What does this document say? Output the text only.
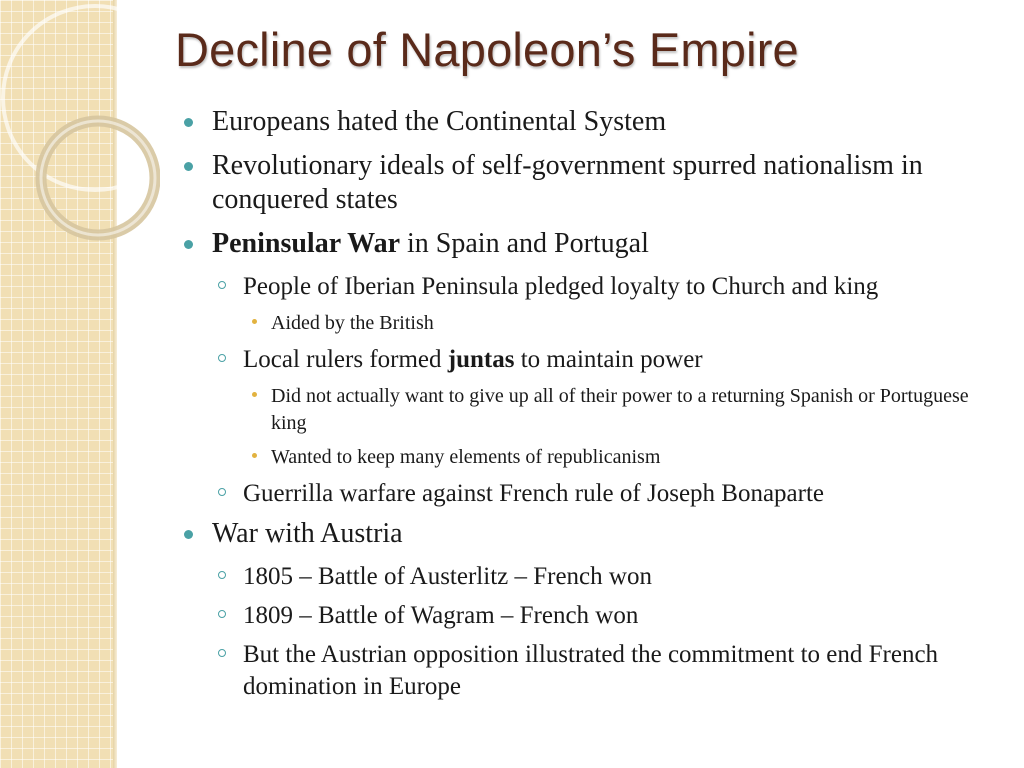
Decline of Napoleon’s Empire
Europeans hated the Continental System
Revolutionary ideals of self-government spurred nationalism in conquered states
Peninsular War in Spain and Portugal
People of Iberian Peninsula pledged loyalty to Church and king
Aided by the British
Local rulers formed juntas to maintain power
Did not actually want to give up all of their power to a returning Spanish or Portuguese king
Wanted to keep many elements of republicanism
Guerrilla warfare against French rule of Joseph Bonaparte
War with Austria
1805 – Battle of Austerlitz – French won
1809 – Battle of Wagram – French won
But the Austrian opposition illustrated the commitment to end French domination in Europe
